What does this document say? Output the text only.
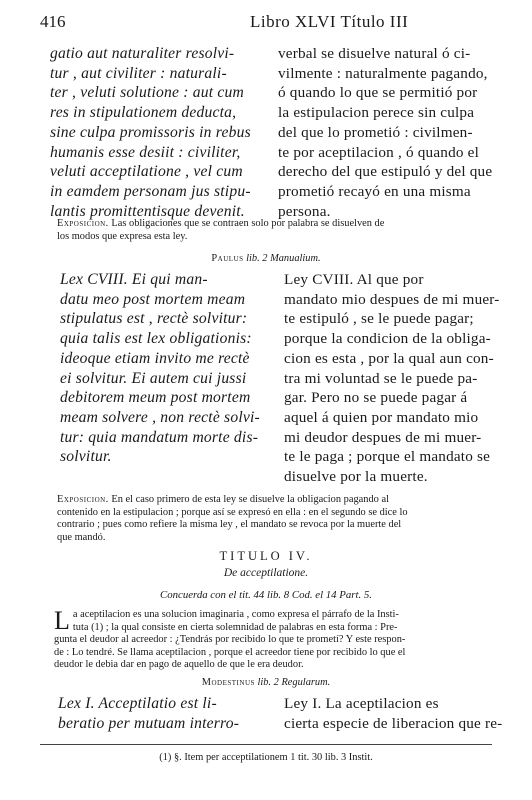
416	Libro XLVI Título III
gatio aut naturaliter resolvi-
tur , aut civiliter : naturali-
ter , veluti solutione : aut cum
res in stipulationem deducta,
sine culpa promissoris in rebus
humanis esse desiit : civiliter,
veluti acceptilatione , vel cum
in eamdem personam jus stipu-
lantis promittentisque devenit.
verbal se disuelve natural ó ci-
vilmente : naturalmente pagando,
ó quando lo que se permitió por
la estipulacion perece sin culpa
del que lo prometió : civilmen-
te por aceptilacion , ó quando el
derecho del que estipuló y del que
prometió recayó en una misma
persona.
Exposicion. Las obligaciones que se contraen solo por palabra se disuelven de
los modos que expresa esta ley.
Paulus lib. 2 Manualium.
Lex CVIII. Ei qui man-
datu meo post mortem meam
stipulatus est , rectè solvitur:
quia talis est lex obligationis:
ideoque etiam invito me rectè
ei solvitur. Ei autem cui jussi
debitorem meum post mortem
meam solvere , non rectè solvi-
tur: quia mandatum morte dis-
solvitur.
Ley CVIII. Al que por
mandato mio despues de mi muer-
te estipuló , se le puede pagar;
porque la condicion de la obliga-
cion es esta , por la qual aun con-
tra mi voluntad se le puede pa-
gar. Pero no se puede pagar á
aquel á quien por mandato mio
mi deudor despues de mi muer-
te le paga ; porque el mandato se
disuelve por la muerte.
Exposicion. En el caso primero de esta ley se disuelve la obligacion pagando al
contenido en la estipulacion ; porque así se expresó en ella : en el segundo se dice lo
contrario ; pues como refiere la misma ley , el mandato se revoca por la muerte del
que mandó.
TITULO IV.
De acceptilatione.
Concuerda con el tit. 44 lib. 8 Cod. el 14 Part. 5.
L a aceptilacion es una solucion imaginaria , como expresa el párrafo de la Insti-
tuta (1) ; la qual consiste en cierta solemnidad de palabras en esta forma : Pre-
gunta el deudor al acreedor : ¿Tendrás por recibido lo que te prometí? Y este respon-
de : Lo tendré. Se llama aceptilacion , porque el acreedor tiene por recibido lo que el
deudor le debia dar en pago de aquello de que le era deudor.
Modestinus lib. 2 Regularum.
Lex I. Acceptilatio est li-
beratio per mutuam interro-
Ley I. La aceptilacion es
cierta especie de liberacion que re-
(1) §. Item per acceptilationem 1 tit. 30 lib. 3 Instit.
